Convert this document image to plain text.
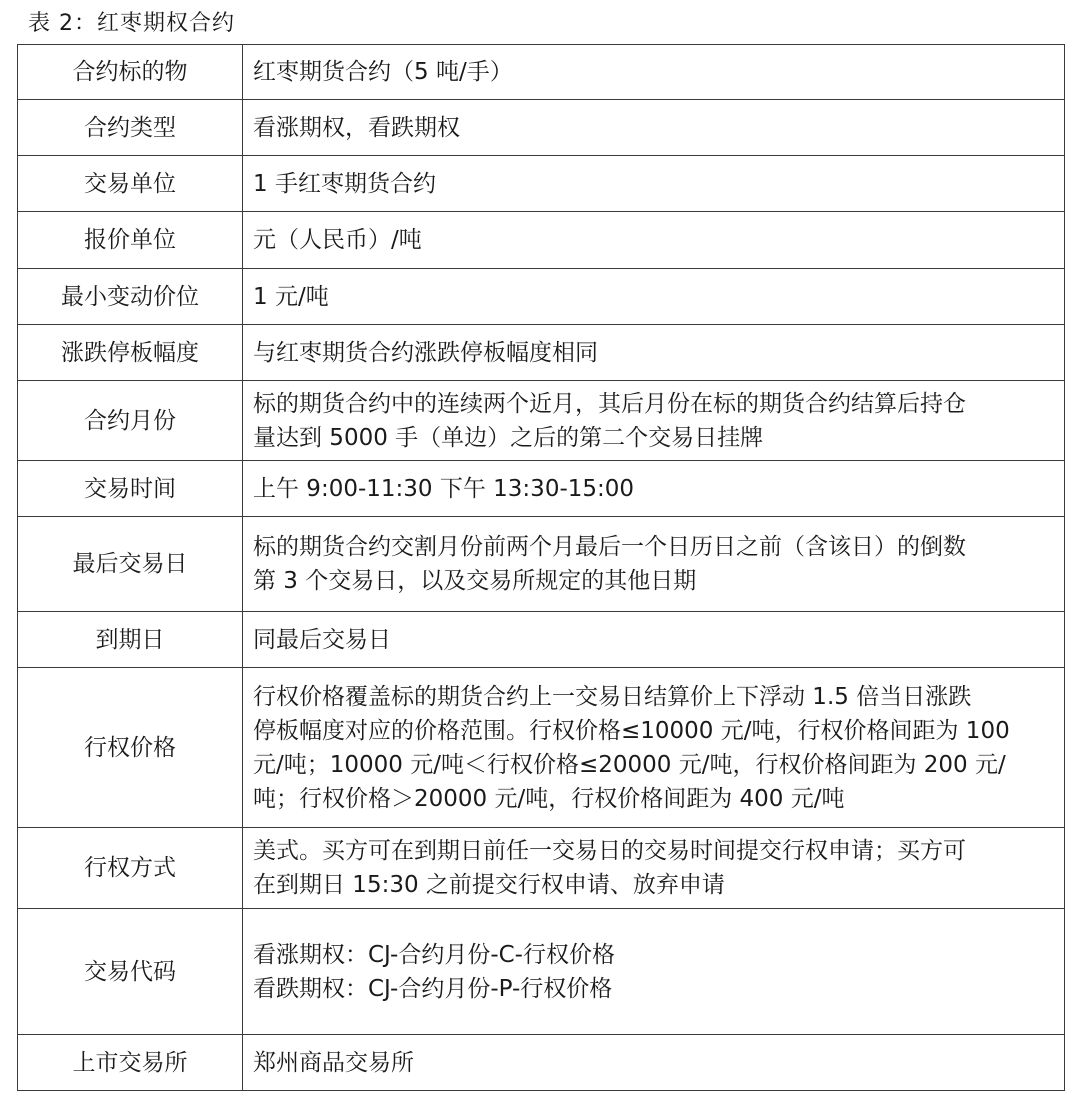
表 2：红枣期权合约
合约标的物	红枣期货合约（5 吨/手）

合约类型	看涨期权，看跌期权

交易单位	1 手红枣期货合约

报价单位	元（人民币）/吨

最小变动价位	1 元/吨

涨跌停板幅度	与红枣期货合约涨跌停板幅度相同

合约月份	标的期货合约中的连续两个近月，其后月份在标的期货合约结算后持仓
量达到 5000 手（单边）之后的第二个交易日挂牌

交易时间	上午 9:00-11:30 下午 13:30-15:00

最后交易日	标的期货合约交割月份前两个月最后一个日历日之前（含该日）的倒数
第 3 个交易日，以及交易所规定的其他日期

到期日	同最后交易日

行权价格	行权价格覆盖标的期货合约上一交易日结算价上下浮动 1.5 倍当日涨跌
停板幅度对应的价格范围。行权价格≤10000 元/吨，行权价格间距为 100
元/吨；10000 元/吨＜行权价格≤20000 元/吨，行权价格间距为 200 元/
吨；行权价格＞20000 元/吨，行权价格间距为 400 元/吨

行权方式	美式。买方可在到期日前任一交易日的交易时间提交行权申请；买方可
在到期日 15:30 之前提交行权申请、放弃申请

交易代码	看涨期权：CJ-合约月份-C-行权价格
看跌期权：CJ-合约月份-P-行权价格

上市交易所	郑州商品交易所
